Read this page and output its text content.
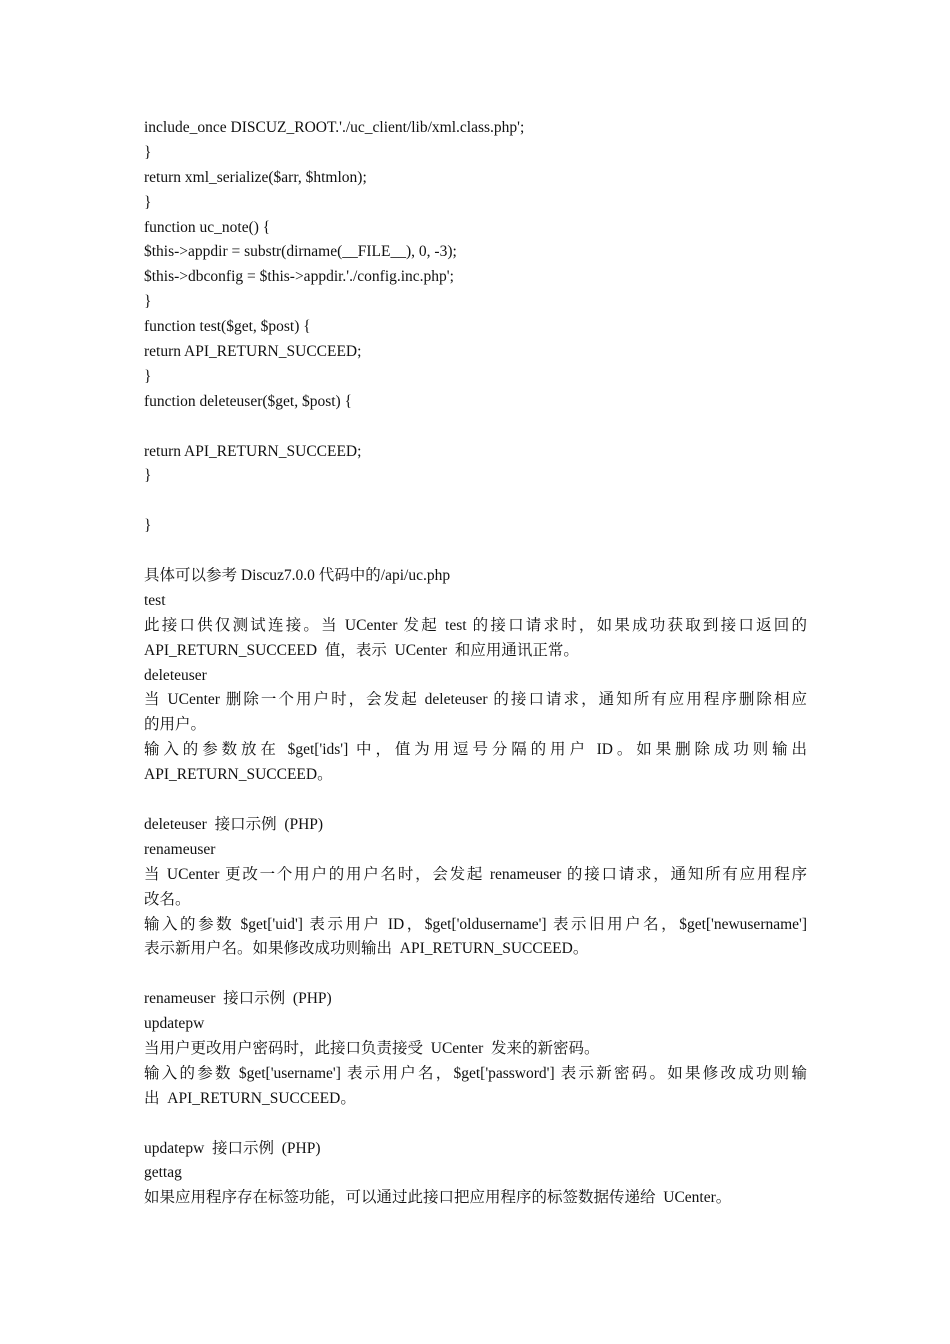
include_once DISCUZ_ROOT.'./uc_client/lib/xml.class.php';
}
return xml_serialize($arr, $htmlon);
}
function uc_note() {
$this->appdir = substr(dirname(__FILE__), 0, -3);
$this->dbconfig = $this->appdir.'./config.inc.php';
}
function test($get, $post) {
return API_RETURN_SUCCEED;
}
function deleteuser($get, $post) {
return API_RETURN_SUCCEED;
}
}
具体可以参考 Discuz7.0.0 代码中的/api/uc.php
test
此接口供仅测试连接。当 UCenter 发起 test 的接口请求时，如果成功获取到接口返回的
API_RETURN_SUCCEED  值，表示  UCenter  和应用通讯正常。
deleteuser
当 UCenter 删除一个用户时，会发起 deleteuser 的接口请求，通知所有应用程序删除相应
的用户。
输入的参数放在 $get['ids'] 中，值为用逗号分隔的用户 ID。如果删除成功则输出
API_RETURN_SUCCEED。
deleteuser  接口示例  (PHP)
renameuser
当 UCenter 更改一个用户的用户名时，会发起 renameuser 的接口请求，通知所有应用程序
改名。
输入的参数 $get['uid'] 表示用户 ID，$get['oldusername'] 表示旧用户名，$get['newusername']
表示新用户名。如果修改成功则输出  API_RETURN_SUCCEED。
renameuser  接口示例  (PHP)
updatepw
当用户更改用户密码时，此接口负责接受  UCenter  发来的新密码。
输入的参数 $get['username'] 表示用户名，$get['password'] 表示新密码。如果修改成功则输
出  API_RETURN_SUCCEED。
updatepw  接口示例  (PHP)
gettag
如果应用程序存在标签功能，可以通过此接口把应用程序的标签数据传递给  UCenter。
